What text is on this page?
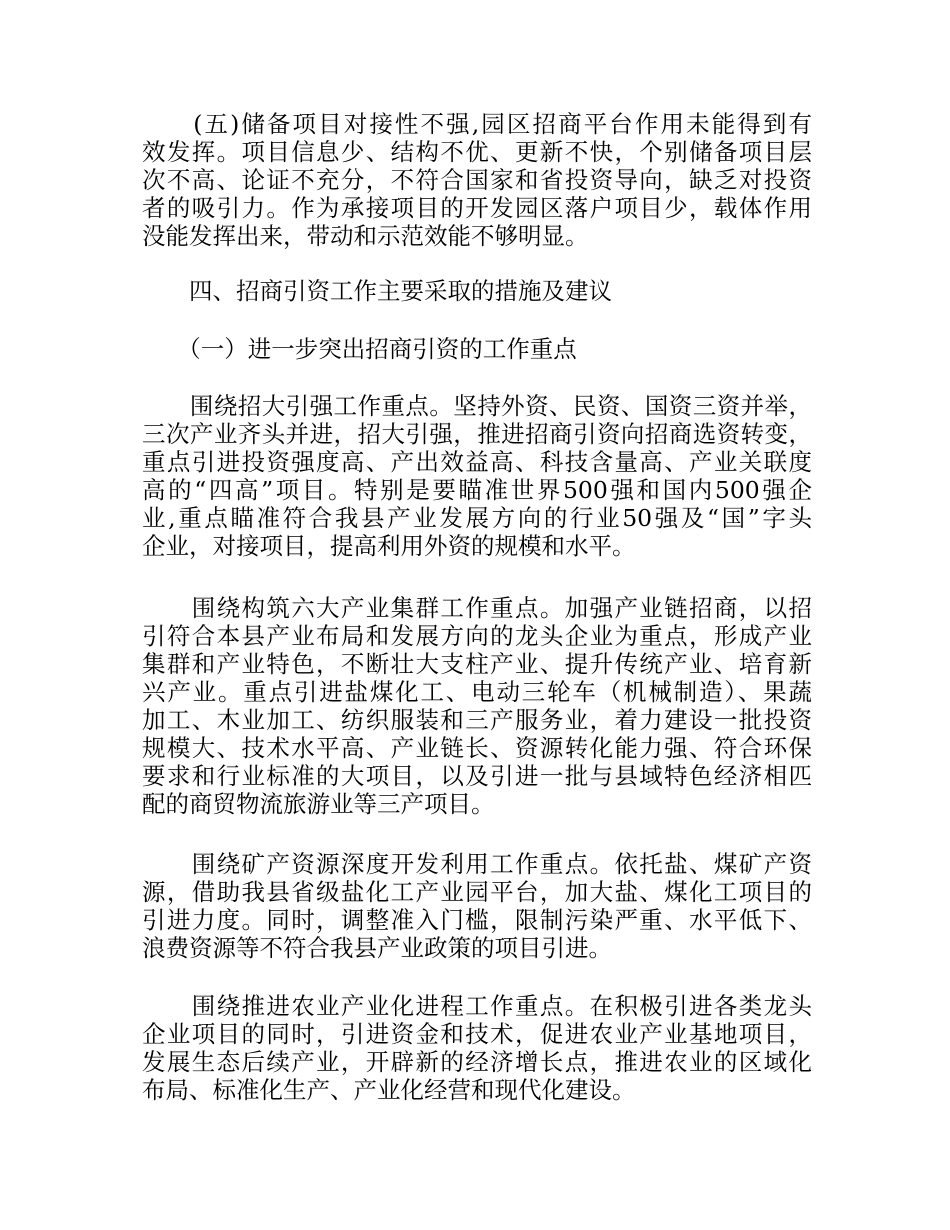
　　(五)储备项目对接性不强,园区招商平台作用未能得到有
效发挥。项目信息少、结构不优、更新不快，个别储备项目层
次不高、论证不充分，不符合国家和省投资导向，缺乏对投资
者的吸引力。作为承接项目的开发园区落户项目少，载体作用
没能发挥出来，带动和示范效能不够明显。
　　四、招商引资工作主要采取的措施及建议
　　（一）进一步突出招商引资的工作重点
　　围绕招大引强工作重点。坚持外资、民资、国资三资并举，
三次产业齐头并进，招大引强，推进招商引资向招商选资转变，
重点引进投资强度高、产出效益高、科技含量高、产业关联度
高的“四高”项目。特别是要瞄准世界500强和国内500强企
业,重点瞄准符合我县产业发展方向的行业50强及“国”字头
企业，对接项目，提高利用外资的规模和水平。
　　围绕构筑六大产业集群工作重点。加强产业链招商，以招
引符合本县产业布局和发展方向的龙头企业为重点，形成产业
集群和产业特色，不断壮大支柱产业、提升传统产业、培育新
兴产业。重点引进盐煤化工、电动三轮车（机械制造）、果蔬
加工、木业加工、纺织服装和三产服务业，着力建设一批投资
规模大、技术水平高、产业链长、资源转化能力强、符合环保
要求和行业标准的大项目，以及引进一批与县域特色经济相匹
配的商贸物流旅游业等三产项目。
　　围绕矿产资源深度开发利用工作重点。依托盐、煤矿产资
源，借助我县省级盐化工产业园平台，加大盐、煤化工项目的
引进力度。同时，调整准入门槛，限制污染严重、水平低下、
浪费资源等不符合我县产业政策的项目引进。
　　围绕推进农业产业化进程工作重点。在积极引进各类龙头
企业项目的同时，引进资金和技术，促进农业产业基地项目，
发展生态后续产业，开辟新的经济增长点，推进农业的区域化
布局、标准化生产、产业化经营和现代化建设。
